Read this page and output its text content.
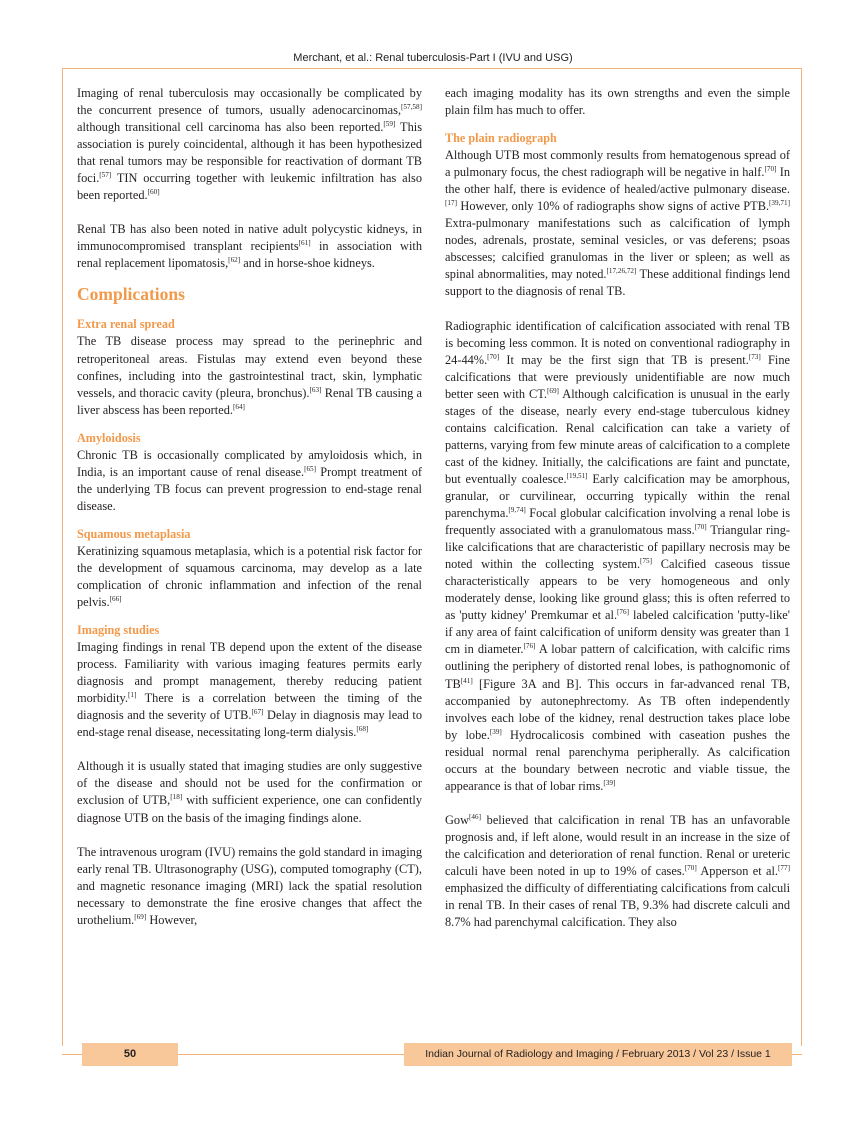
Merchant, et al.: Renal tuberculosis-Part I (IVU and USG)

Imaging of renal tuberculosis may occasionally be complicated by the concurrent presence of tumors, usually adenocarcinomas,[57,58] although transitional cell carcinoma has also been reported.[59] This association is purely coincidental, although it has been hypothesized that renal tumors may be responsible for reactivation of dormant TB foci.[57] TIN occurring together with leukemic infiltration has also been reported.[60]

Renal TB has also been noted in native adult polycystic kidneys, in immunocompromised transplant recipients[61] in association with renal replacement lipomatosis,[62] and in horse-shoe kidneys.

Complications

Extra renal spread

The TB disease process may spread to the perinephric and retroperitoneal areas. Fistulas may extend even beyond these confines, including into the gastrointestinal tract, skin, lymphatic vessels, and thoracic cavity (pleura, bronchus).[63] Renal TB causing a liver abscess has been reported.[64]

Amyloidosis

Chronic TB is occasionally complicated by amyloidosis which, in India, is an important cause of renal disease.[65] Prompt treatment of the underlying TB focus can prevent progression to end-stage renal disease.

Squamous metaplasia

Keratinizing squamous metaplasia, which is a potential risk factor for the development of squamous carcinoma, may develop as a late complication of chronic inflammation and infection of the renal pelvis.[66]

Imaging studies

Imaging findings in renal TB depend upon the extent of the disease process. Familiarity with various imaging features permits early diagnosis and prompt management, thereby reducing patient morbidity.[1] There is a correlation between the timing of the diagnosis and the severity of UTB.[67] Delay in diagnosis may lead to end-stage renal disease, necessitating long-term dialysis.[68]

Although it is usually stated that imaging studies are only suggestive of the disease and should not be used for the confirmation or exclusion of UTB,[18] with sufficient experience, one can confidently diagnose UTB on the basis of the imaging findings alone.

The intravenous urogram (IVU) remains the gold standard in imaging early renal TB. Ultrasonography (USG), computed tomography (CT), and magnetic resonance imaging (MRI) lack the spatial resolution necessary to demonstrate the fine erosive changes that affect the urothelium.[69] However,

each imaging modality has its own strengths and even the simple plain film has much to offer.

The plain radiograph

Although UTB most commonly results from hematogenous spread of a pulmonary focus, the chest radiograph will be negative in half.[70] In the other half, there is evidence of healed/active pulmonary disease.[17] However, only 10% of radiographs show signs of active PTB.[39,71] Extra-pulmonary manifestations such as calcification of lymph nodes, adrenals, prostate, seminal vesicles, or vas deferens; psoas abscesses; calcified granulomas in the liver or spleen; as well as spinal abnormalities, may noted.[17,26,72] These additional findings lend support to the diagnosis of renal TB.

Radiographic identification of calcification associated with renal TB is becoming less common. It is noted on conventional radiography in 24-44%.[70] It may be the first sign that TB is present.[73] Fine calcifications that were previously unidentifiable are now much better seen with CT.[69] Although calcification is unusual in the early stages of the disease, nearly every end-stage tuberculous kidney contains calcification. Renal calcification can take a variety of patterns, varying from few minute areas of calcification to a complete cast of the kidney. Initially, the calcifications are faint and punctate, but eventually coalesce.[19,51] Early calcification may be amorphous, granular, or curvilinear, occurring typically within the renal parenchyma.[9,74] Focal globular calcification involving a renal lobe is frequently associated with a granulomatous mass.[70] Triangular ring-like calcifications that are characteristic of papillary necrosis may be noted within the collecting system.[75] Calcified caseous tissue characteristically appears to be very homogeneous and only moderately dense, looking like ground glass; this is often referred to as 'putty kidney' Premkumar et al.[76] labeled calcification 'putty-like' if any area of faint calcification of uniform density was greater than 1 cm in diameter.[76] A lobar pattern of calcification, with calcific rims outlining the periphery of distorted renal lobes, is pathognomonic of TB[41] [Figure 3A and B]. This occurs in far-advanced renal TB, accompanied by autonephrectomy. As TB often independently involves each lobe of the kidney, renal destruction takes place lobe by lobe.[39] Hydrocalicosis combined with caseation pushes the residual normal renal parenchyma peripherally. As calcification occurs at the boundary between necrotic and viable tissue, the appearance is that of lobar rims.[39]

Gow[46] believed that calcification in renal TB has an unfavorable prognosis and, if left alone, would result in an increase in the size of the calcification and deterioration of renal function. Renal or ureteric calculi have been noted in up to 19% of cases.[70] Apperson et al.[77] emphasized the difficulty of differentiating calcifications from calculi in renal TB. In their cases of renal TB, 9.3% had discrete calculi and 8.7% had parenchymal calcification. They also

50	Indian Journal of Radiology and Imaging / February 2013 / Vol 23 / Issue 1
